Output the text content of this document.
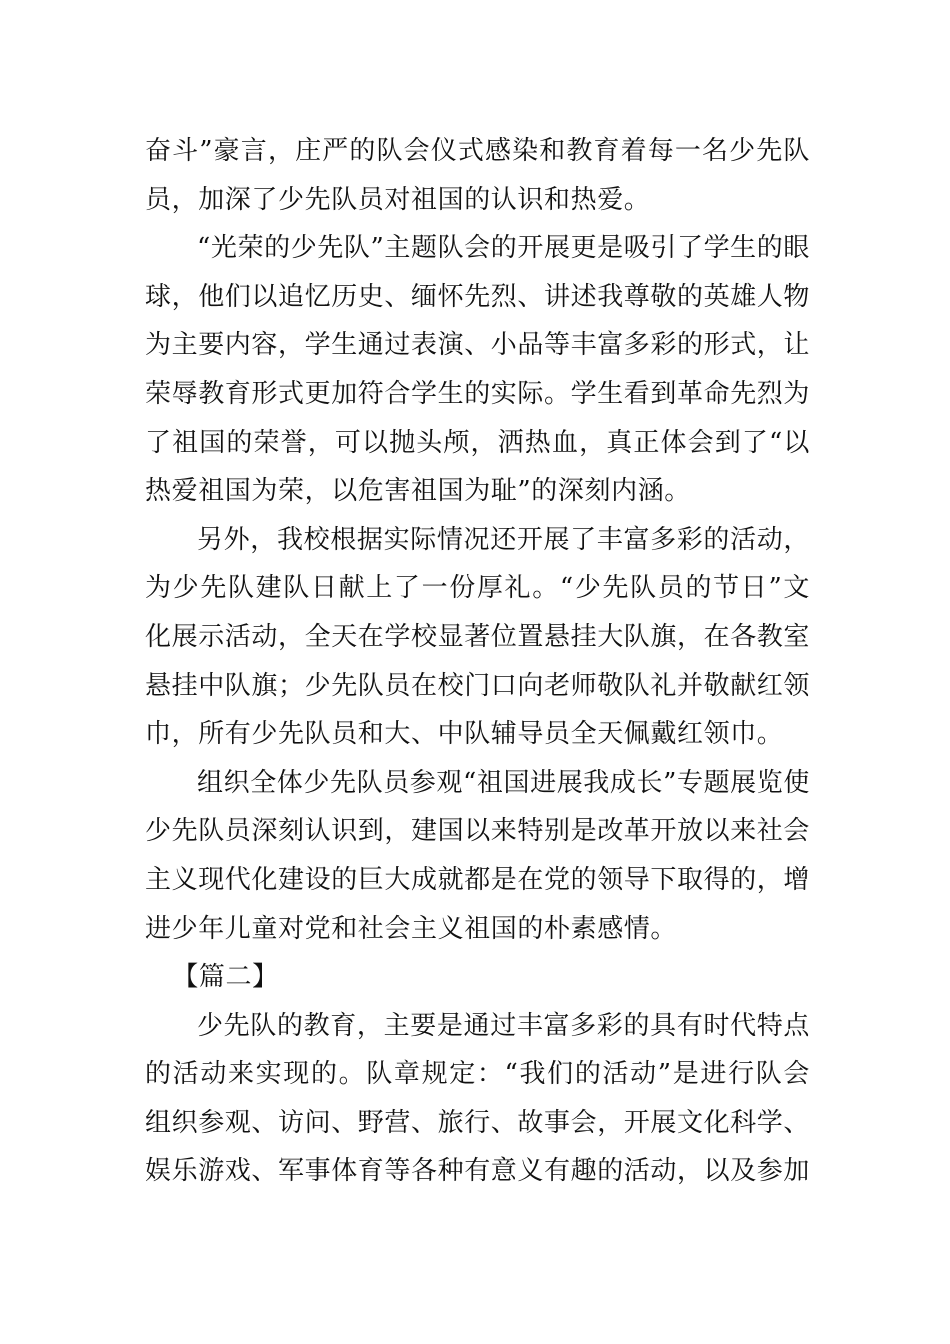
奋斗”豪言，庄严的队会仪式感染和教育着每一名少先队员，加深了少先队员对祖国的认识和热爱。

“光荣的少先队”主题队会的开展更是吸引了学生的眼球，他们以追忆历史、缅怀先烈、讲述我尊敬的英雄人物为主要内容，学生通过表演、小品等丰富多彩的形式，让荣辱教育形式更加符合学生的实际。学生看到革命先烈为了祖国的荣誉，可以抛头颅，洒热血，真正体会到了“以热爱祖国为荣，以危害祖国为耻”的深刻内涵。

另外，我校根据实际情况还开展了丰富多彩的活动，为少先队建队日献上了一份厚礼。“少先队员的节日”文化展示活动，全天在学校显著位置悬挂大队旗，在各教室悬挂中队旗；少先队员在校门口向老师敬队礼并敬献红领巾，所有少先队员和大、中队辅导员全天佩戴红领巾。

组织全体少先队员参观“祖国进展我成长”专题展览使少先队员深刻认识到，建国以来特别是改革开放以来社会主义现代化建设的巨大成就都是在党的领导下取得的，增进少年儿童对党和社会主义祖国的朴素感情。

【篇二】

少先队的教育，主要是通过丰富多彩的具有时代特点的活动来实现的。队章规定：“我们的活动”是进行队会组织参观、访问、野营、旅行、故事会，开展文化科学、娱乐游戏、军事体育等各种有意义有趣的活动，以及参加
